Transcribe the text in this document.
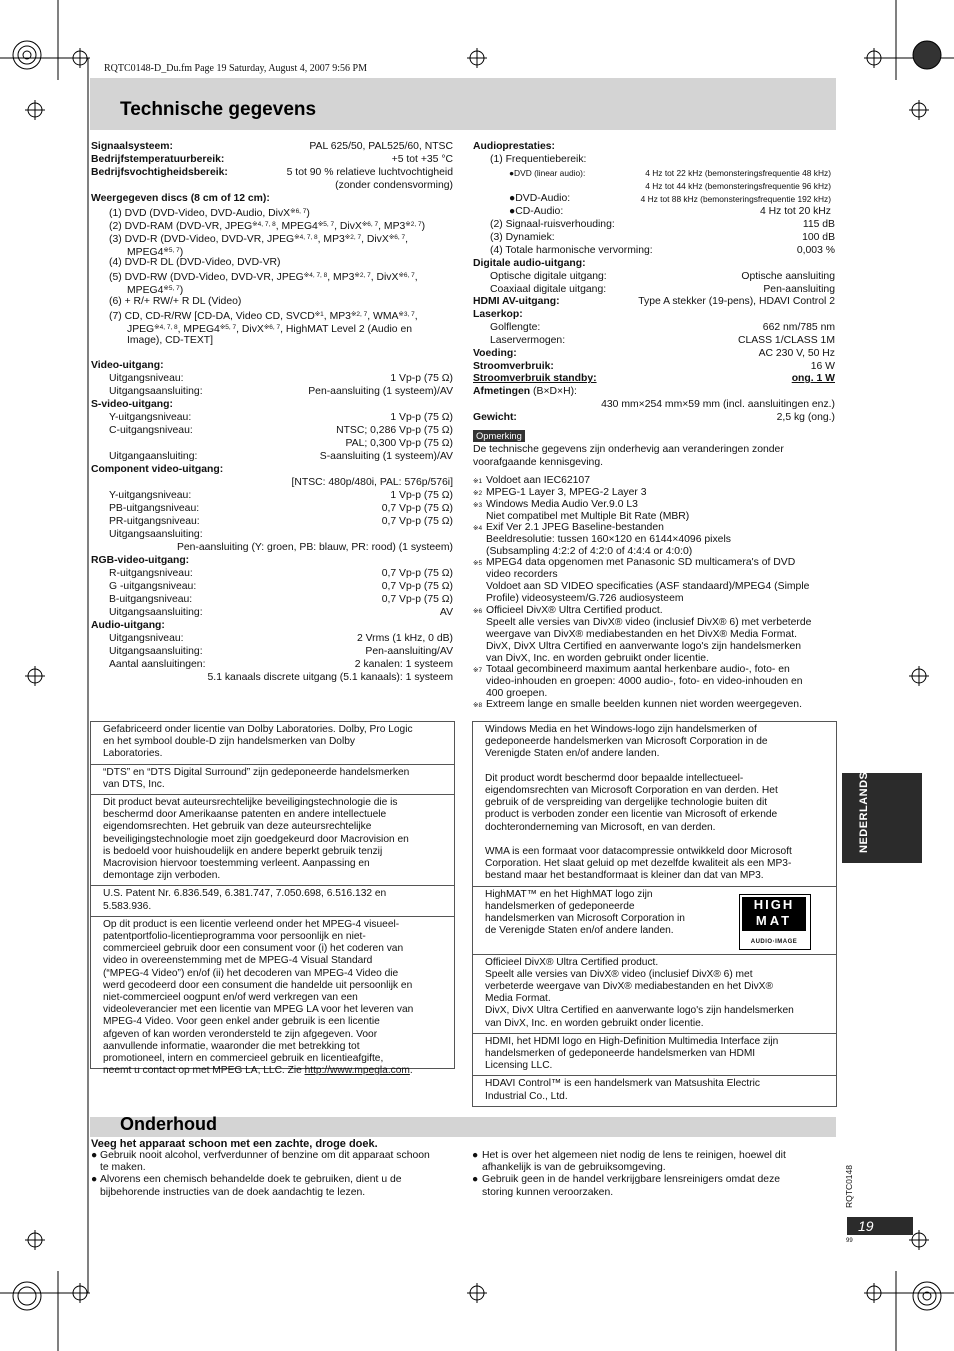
RQTC0148-D_Du.fm Page 19 Saturday, August 4, 2007 9:56 PM
Technische gegevens
Signaalsysteem:	PAL 625/50, PAL525/60, NTSC
Bedrijfstemperatuurbereik:	+5 tot +35 °C
Bedrijfsvochtigheidsbereik:	5 tot 90 % relatieve luchtvochtigheid
(zonder condensvorming)
Weergegeven discs (8 cm of 12 cm):
(1) DVD (DVD-Video, DVD-Audio, DivX$^{※6, 7}$)
(2) DVD-RAM (DVD-VR, JPEG$^{※4, 7, 8}$, MPEG4$^{※5, 7}$, DivX$^{※6, 7}$, MP3$^{※2, 7}$)
(3) DVD-R (DVD-Video, DVD-VR, JPEG$^{※4, 7, 8}$, MP3$^{※2, 7}$, DivX$^{※6, 7}$,
MPEG4$^{※5, 7}$)
(4) DVD-R DL (DVD-Video, DVD-VR)
(5) DVD-RW (DVD-Video, DVD-VR, JPEG$^{※4, 7, 8}$, MP3$^{※2, 7}$, DivX$^{※6, 7}$,
MPEG4$^{※5, 7}$)
(6) + R/+ RW/+ R DL (Video)
(7) CD, CD-R/RW [CD-DA, Video CD, SVCD$^{※1}$, MP3$^{※2, 7}$, WMA$^{※3, 7}$,
JPEG$^{※4, 7, 8}$, MPEG4$^{※5, 7}$, DivX$^{※6, 7}$, HighMAT Level 2 (Audio en
Image), CD-TEXT]
Video-uitgang:
Uitgangsniveau:	1 Vp-p (75 Ω)
Uitgangsaansluiting:	Pen-aansluiting (1 systeem)/AV
S-video-uitgang:
Y-uitgangsniveau:	1 Vp-p (75 Ω)
C-uitgangsniveau:	NTSC; 0,286 Vp-p (75 Ω)
PAL; 0,300 Vp-p (75 Ω)
Uitgangaansluiting:	S-aansluiting (1 systeem)/AV
Component video-uitgang:
[NTSC: 480p/480i, PAL: 576p/576i]
Y-uitgangsniveau:	1 Vp-p (75 Ω)
PB-uitgangsniveau:	0,7 Vp-p (75 Ω)
PR-uitgangsniveau:	0,7 Vp-p (75 Ω)
Uitgangsaansluiting:
Pen-aansluiting (Y: groen, PB: blauw, PR: rood) (1 systeem)
RGB-video-uitgang:
R-uitgangsniveau:	0,7 Vp-p (75 Ω)
G -uitgangsniveau:	0,7 Vp-p (75 Ω)
B-uitgangsniveau:	0,7 Vp-p (75 Ω)
Uitgangsaansluiting:	AV
Audio-uitgang:
Uitgangsniveau:	2 Vrms (1 kHz, 0 dB)
Uitgangsaansluiting:	Pen-aansluiting/AV
Aantal aansluitingen:	2 kanalen: 1 systeem
5.1 kanaals discrete uitgang (5.1 kanaals): 1 systeem
Audioprestaties:
(1) Frequentiebereik:
●DVD (linear audio):	4 Hz tot 22 kHz (bemonsteringsfrequentie 48 kHz)
4 Hz tot 44 kHz (bemonsteringsfrequentie 96 kHz)
●DVD-Audio:	4 Hz tot 88 kHz (bemonsteringsfrequentie 192 kHz)
●CD-Audio:	4 Hz tot 20 kHz
(2) Signaal-ruisverhouding:	115 dB
(3) Dynamiek:	100 dB
(4) Totale harmonische vervorming:	0,003 %
Digitale audio-uitgang:
Optische digitale uitgang:	Optische aansluiting
Coaxiaal digitale uitgang:	Pen-aansluiting
HDMI AV-uitgang:	Type A stekker (19-pens), HDAVI Control 2
Laserkop:
Golflengte:	662 nm/785 nm
Laservermogen:	CLASS 1/CLASS 1M
Voeding:	AC 230 V, 50 Hz
Stroomverbruik:	16 W
Stroomverbruik standby:	ong. 1 W
Afmetingen (B×D×H):
430 mm×254 mm×59 mm (incl. aansluitingen enz.)
Gewicht:	2,5 kg (ong.)
Opmerking
De technische gegevens zijn onderhevig aan veranderingen zonder
voorafgaande kennisgeving.
※1 Voldoet aan IEC62107
※2 MPEG-1 Layer 3, MPEG-2 Layer 3
※3 Windows Media Audio Ver.9.0 L3
Niet compatibel met Multiple Bit Rate (MBR)
※4 Exif Ver 2.1 JPEG Baseline-bestanden
Beeldresolutie: tussen 160×120 en 6144×4096 pixels
(Subsampling 4:2:2 of 4:2:0 of 4:4:4 or 4:0:0)
※5 MPEG4 data opgenomen met Panasonic SD multicamera's of DVD
video recorders
Voldoet aan SD VIDEO specificaties (ASF standaard)/MPEG4 (Simple
Profile) videosysteem/G.726 audiosysteem
※6 Officieel DivX® Ultra Certified product.
Speelt alle versies van DivX® video (inclusief DivX® 6) met verbeterde
weergave van DivX® mediabestanden en het DivX® Media Format.
DivX, DivX Ultra Certified en aanverwante logo's zijn handelsmerken
van DivX, Inc. en worden gebruikt onder licentie.
※7 Totaal gecombineerd maximum aantal herkenbare audio-, foto- en
video-inhouden en groepen: 4000 audio-, foto- en video-inhouden en
400 groepen.
※8 Extreem lange en smalle beelden kunnen niet worden weergegeven.
Gefabriceerd onder licentie van Dolby Laboratories. Dolby, Pro Logic
en het symbool double-D zijn handelsmerken van Dolby
Laboratories.
“DTS” en “DTS Digital Surround” zijn gedeponeerde handelsmerken
van DTS, Inc.
Dit product bevat auteursrechtelijke beveiligingstechnologie die is
beschermd door Amerikaanse patenten en andere intellectuele
eigendomsrechten. Het gebruik van deze auteursrechtelijke
beveiligingstechnologie moet zijn goedgekeurd door Macrovision en
is bedoeld voor huishoudelijk en andere beperkt gebruik tenzij
Macrovision hiervoor toestemming verleent. Aanpassing en
demontage zijn verboden.
U.S. Patent Nr. 6.836.549, 6.381.747, 7.050.698, 6.516.132 en
5.583.936.
Op dit product is een licentie verleend onder het MPEG-4 visueel-
patentportfolio-licentieprogramma voor persoonlijk en niet-
commercieel gebruik door een consument voor (i) het coderen van
video in overeenstemming met de MPEG-4 Visual Standard
(“MPEG-4 Video”) en/of (ii) het decoderen van MPEG-4 Video die
werd gecodeerd door een consument die handelde uit persoonlijk en
niet-commercieel oogpunt en/of werd verkregen van een
videoleverancier met een licentie van MPEG LA voor het leveren van
MPEG-4 Video. Voor geen enkel ander gebruik is een licentie
afgeven of kan worden verondersteld te zijn afgegeven. Voor
aanvullende informatie, waaronder die met betrekking tot
promotioneel, intern en commercieel gebruik en licentieafgifte,
neemt u contact op met MPEG LA, LLC. Zie http://www.mpegla.com.
Windows Media en het Windows-logo zijn handelsmerken of
gedeponeerde handelsmerken van Microsoft Corporation in de
Verenigde Staten en/of andere landen.
Dit product wordt beschermd door bepaalde intellectueel-
eigendomsrechten van Microsoft Corporation en van derden. Het
gebruik of de verspreiding van dergelijke technologie buiten dit
product is verboden zonder een licentie van Microsoft of erkende
dochteronderneming van Microsoft, en van derden.
WMA is een formaat voor datacompressie ontwikkeld door Microsoft
Corporation. Het slaat geluid op met dezelfde kwaliteit als een MP3-
bestand maar het bestandformaat is kleiner dan dat van MP3.
HighMAT™ en het HighMAT logo zijn
handelsmerken of gedeponeerde
handelsmerken van Microsoft Corporation in
de Verenigde Staten en/of andere landen.
HIGH
MAT
AUDIO·IMAGE
Officieel DivX® Ultra Certified product.
Speelt alle versies van DivX® video (inclusief DivX® 6) met
verbeterde weergave van DivX® mediabestanden en het DivX®
Media Format.
DivX, DivX Ultra Certified en aanverwante logo's zijn handelsmerken
van DivX, Inc. en worden gebruikt onder licentie.
HDMI, het HDMI logo en High-Definition Multimedia Interface zijn
handelsmerken of gedeponeerde handelsmerken van HDMI
Licensing LLC.
HDAVI Control™ is een handelsmerk van Matsushita Electric
Industrial Co., Ltd.
NEDERLANDS
Onderhoud
Veeg het apparaat schoon met een zachte, droge doek.
● Gebruik nooit alcohol, verfverdunner of benzine om dit apparaat schoon
te maken.
● Alvorens een chemisch behandelde doek te gebruiken, dient u de
bijbehorende instructies van de doek aandachtig te lezen.
● Het is over het algemeen niet nodig de lens te reinigen, hoewel dit
afhankelijk is van de gebruiksomgeving.
● Gebruik geen in de handel verkrijgbare lensreinigers omdat deze
storing kunnen veroorzaken.	RQTC0148
19
99
